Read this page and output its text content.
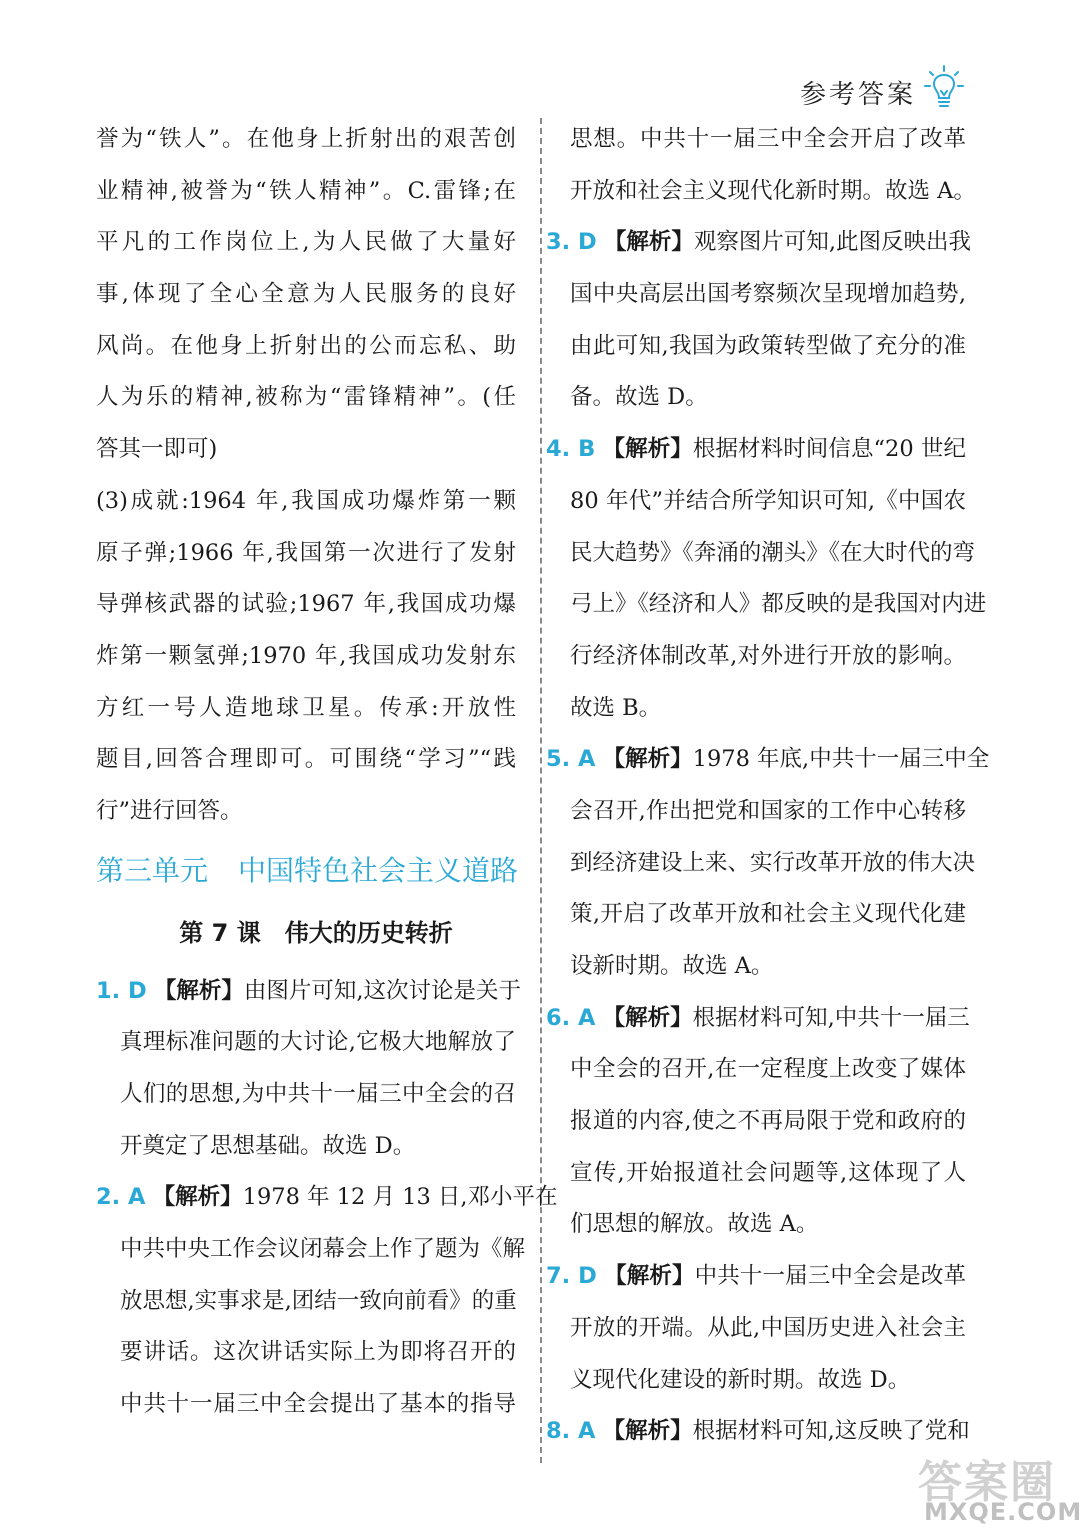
参考答案
誉为“铁人”。在他身上折射出的艰苦创
业精神,被誉为“铁人精神”。C.雷锋;在
平凡的工作岗位上,为人民做了大量好
事,体现了全心全意为人民服务的良好
风尚。在他身上折射出的公而忘私、助
人为乐的精神,被称为“雷锋精神”。(任
答其一即可)
(3)成就:1964 年,我国成功爆炸第一颗
原子弹;1966 年,我国第一次进行了发射
导弹核武器的试验;1967 年,我国成功爆
炸第一颗氢弹;1970 年,我国成功发射东
方红一号人造地球卫星。传承:开放性
题目,回答合理即可。可围绕“学习”“践
行”进行回答。
第三单元 中国特色社会主义道路
第 7 课　伟大的历史转折
1. D 【解析】由图片可知,这次讨论是关于
真理标准问题的大讨论,它极大地解放了
人们的思想,为中共十一届三中全会的召
开奠定了思想基础。故选 D。
2. A 【解析】1978 年 12 月 13 日,邓小平在
中共中央工作会议闭幕会上作了题为《解
放思想,实事求是,团结一致向前看》的重
要讲话。这次讲话实际上为即将召开的
中共十一届三中全会提出了基本的指导
思想。中共十一届三中全会开启了改革
开放和社会主义现代化新时期。故选 A。
3. D 【解析】观察图片可知,此图反映出我
国中央高层出国考察频次呈现增加趋势,
由此可知,我国为政策转型做了充分的准
备。故选 D。
4. B 【解析】根据材料时间信息“20 世纪
80 年代”并结合所学知识可知,《中国农
民大趋势》《奔涌的潮头》《在大时代的弯
弓上》《经济和人》都反映的是我国对内进
行经济体制改革,对外进行开放的影响。
故选 B。
5. A 【解析】1978 年底,中共十一届三中全
会召开,作出把党和国家的工作中心转移
到经济建设上来、实行改革开放的伟大决
策,开启了改革开放和社会主义现代化建
设新时期。故选 A。
6. A 【解析】根据材料可知,中共十一届三
中全会的召开,在一定程度上改变了媒体
报道的内容,使之不再局限于党和政府的
宣传,开始报道社会问题等,这体现了人
们思想的解放。故选 A。
7. D 【解析】中共十一届三中全会是改革
开放的开端。从此,中国历史进入社会主
义现代化建设的新时期。故选 D。
8. A 【解析】根据材料可知,这反映了党和
答案圈
MXQE.COM
